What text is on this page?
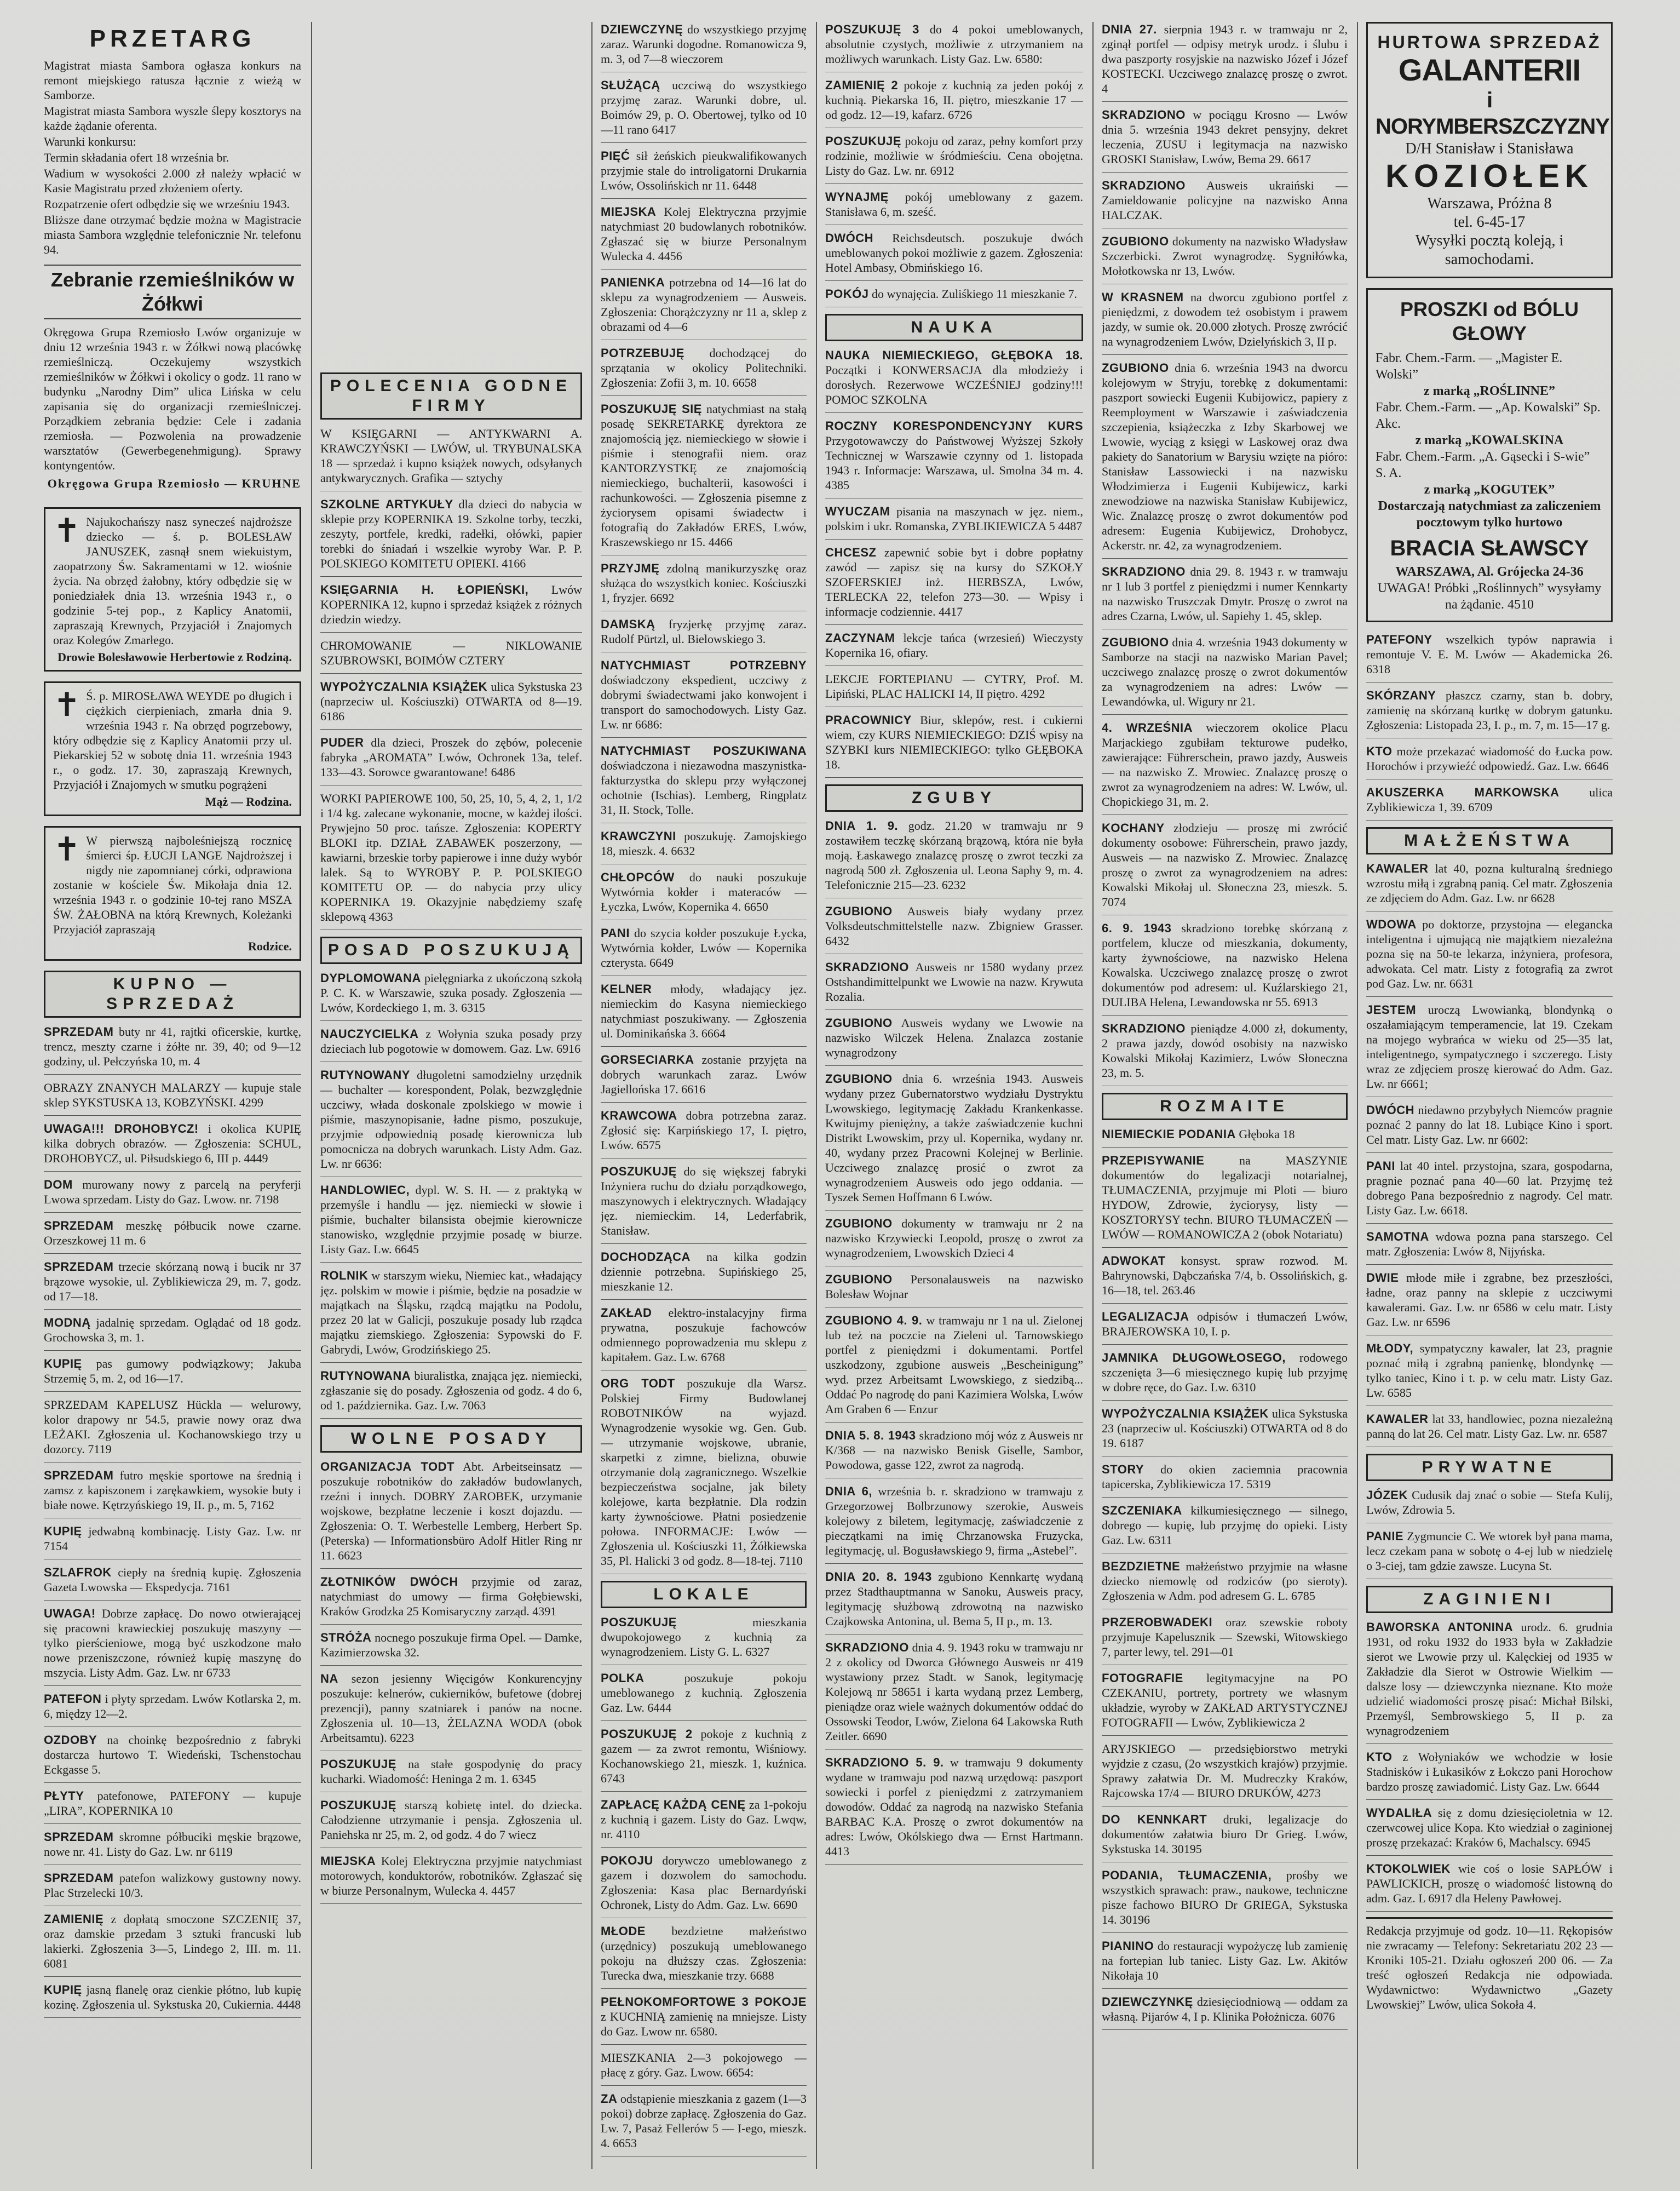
PRZETARG

Magistrat miasta Sambora ogłasza konkurs na remont miejskiego ratusza łącznie z wieżą w Samborze.

Magistrat miasta Sambora wyszle ślepy kosztorys na każde żądanie oferenta.

Warunki konkursu:

Termin składania ofert 18 września br.

Wadium w wysokości 2.000 zł należy wpłacić w Kasie Magistratu przed złożeniem oferty.

Rozpatrzenie ofert odbędzie się we wrześniu 1943.

Bliższe dane otrzymać będzie można w Magistracie miasta Sambora względnie telefonicznie Nr. telefonu 94.

Zebranie rzemieślników w Żółkwi

Okręgowa Grupa Rzemiosło Lwów organizuje w dniu 12 września 1943 r. w Żółkwi nową placówkę rzemieślniczą. Oczekujemy wszystkich rzemieślników w Żółkwi i okolicy o godz. 11 rano w budynku „Narodny Dim” ulica Lińska w celu zapisania się do organizacji rzemieślniczej. Porządkiem zebrania będzie: Cele i zadania rzemiosła. — Pozwolenia na prowadzenie warsztatów (Gewerbegenehmigung). Sprawy kontyngentów.

Okręgowa Grupa Rzemiosło — KRUHNE
✝ Najukochańszy nasz synecześ najdroższe dziecko — ś. p. BOLESŁAW JANUSZEK, zasnął snem wiekuistym, zaopatrzony Św. Sakramentami w 12. wiośnie życia. Na obrzęd żałobny, który odbędzie się w poniedziałek dnia 13. września 1943 r., o godzinie 5-tej pop., z Kaplicy Anatomii, zapraszają Krewnych, Przyjaciół i Znajomych oraz Kolegów Zmarłego.
Drowie Bolesławowie Herbertowie z Rodziną.
✝ Ś. p. MIROSŁAWA WEYDE po długich i ciężkich cierpieniach, zmarła dnia 9. września 1943 r. Na obrzęd pogrzebowy, który odbędzie się z Kaplicy Anatomii przy ul. Piekarskiej 52 w sobotę dnia 11. września 1943 r., o godz. 17. 30, zapraszają Krewnych, Przyjaciół i Znajomych w smutku pogrążeni
Mąż — Rodzina.
✝ W pierwszą najboleśniejszą rocznicę śmierci śp. ŁUCJI LANGE Najdroższej i nigdy nie zapomnianej córki, odprawiona zostanie w kościele Św. Mikołaja dnia 12. września 1943 r. o godzinie 10-tej rano MSZA ŚW. ŻAŁOBNA na którą Krewnych, Koleżanki Przyjaciół zapraszają
Rodzice.
KUPNO — SPRZEDAŻ

SPRZEDAM buty nr 41, rajtki oficerskie, kurtkę, trencz, meszty czarne i żółte nr. 39, 40; od 9—12 godziny, ul. Pełczyńska 10, m. 4

OBRAZY ZNANYCH MALARZY — kupuje stale sklep SYKSTUSKA 13, KOBZYŃSKI. 4299

UWAGA!!! DROHOBYCZ! i okolica KUPIĘ kilka dobrych obrazów. — Zgłoszenia: SCHUL, DROHOBYCZ, ul. Piłsudskiego 6, III p. 4449

DOM murowany nowy z parcelą na peryferji Lwowa sprzedam. Listy do Gaz. Lwow. nr. 7198

SPRZEDAM meszkę półbucik nowe czarne. Orzeszkowej 11 m. 6

SPRZEDAM trzecie skórzaną nową i bucik nr 37 brązowe wysokie, ul. Zyblikiewicza 29, m. 7, godz. od 17—18.

MODNĄ jadalnię sprzedam. Oglądać od 18 godz. Grochowska 3, m. 1.

KUPIĘ pas gumowy podwiązkowy; Jakuba Strzemię 5, m. 2, od 16—17.

SPRZEDAM KAPELUSZ Hückla — welurowy, kolor drapowy nr 54.5, prawie nowy oraz dwa LEŻAKI. Zgłoszenia ul. Kochanowskiego trzy u dozorcy. 7119

SPRZEDAM futro męskie sportowe na średnią i zamsz z kapiszonem i zarękawkiem, wysokie buty i białe nowe. Kętrzyńskiego 19, II. p., m. 5, 7162

KUPIĘ jedwabną kombinację. Listy Gaz. Lw. nr 7154

SZLAFROK ciepły na średnią kupię. Zgłoszenia Gazeta Lwowska — Ekspedycja. 7161

UWAGA! Dobrze zapłacę. Do nowo otwierającej się pracowni krawieckiej poszukuję maszyny — tylko pierścieniowe, mogą być uszkodzone mało nowe przeniszczone, również kupię maszynę do mszycia. Listy Adm. Gaz. Lw. nr 6733

PATEFON i płyty sprzedam. Lwów Kotlarska 2, m. 6, między 12—2.

OZDOBY na choinkę bezpośrednio z fabryki dostarcza hurtowo T. Wiedeński, Tschenstochau Eckgasse 5.

PŁYTY patefonowe, PATEFONY — kupuje „LIRA”, KOPERNIKA 10

SPRZEDAM skromne półbuciki męskie brązowe, nowe nr. 41. Listy do Gaz. Lw. nr 6119

SPRZEDAM patefon walizkowy gustowny nowy. Plac Strzelecki 10/3.

ZAMIENIĘ z dopłatą smoczone SZCZENIĘ 37, oraz damskie przedam 3 sztuki francuski lub lakierki. Zgłoszenia 3—5, Lindego 2, III. m. 11. 6081

KUPIĘ jasną flanelę oraz cienkie płótno, lub kupię kozinę. Zgłoszenia ul. Sykstuska 20, Cukiernia. 4448

POLECENIA GODNE FIRMY

W KSIĘGARNI — ANTYKWARNI A. KRAWCZYŃSKI — LWÓW, ul. TRYBUNALSKA 18 — sprzedaż i kupno książek nowych, odsyłanych antykwarycznych. Grafika — sztychy

SZKOLNE ARTYKUŁY dla dzieci do nabycia w sklepie przy KOPERNIKA 19. Szkolne torby, teczki, zeszyty, portfele, kredki, radełki, ołówki, papier torebki do śniadań i wszelkie wyroby War. P. P. POLSKIEGO KOMITETU OPIEKI. 4166

KSIĘGARNIA H. ŁOPIEŃSKI, Lwów KOPERNIKA 12, kupno i sprzedaż książek z różnych dziedzin wiedzy.

CHROMOWANIE — NIKLOWANIE SZUBROWSKI, BOIMÓW CZTERY

WYPOŻYCZALNIA KSIĄŻEK ulica Sykstuska 23 (naprzeciw ul. Kościuszki) OTWARTA od 8—19. 6186

PUDER dla dzieci, Proszek do zębów, polecenie fabryka „AROMATA” Lwów, Ochronek 13a, telef. 133—43. Sorowce gwarantowane! 6486

WORKI PAPIEROWE 100, 50, 25, 10, 5, 4, 2, 1, 1/2 i 1/4 kg. zalecane wykonanie, mocne, w każdej ilości. Prywjejno 50 proc. tańsze. Zgłoszenia: KOPERTY BLOKI itp. DZIAŁ ZABAWEK poszerzony, — kawiarni, brzeskie torby papierowe i inne duży wybór lalek. Są to WYROBY P. P. POLSKIEGO KOMITETU OP. — do nabycia przy ulicy KOPERNIKA 19. Okazyjnie nabędziemy szafę sklepową 4363

POSAD POSZUKUJĄ

DYPLOMOWANA pielęgniarka z ukończoną szkołą P. C. K. w Warszawie, szuka posady. Zgłoszenia — Lwów, Kordeckiego 1, m. 3. 6315

NAUCZYCIELKA z Wołynia szuka posady przy dzieciach lub pogotowie w domowem. Gaz. Lw. 6916

RUTYNOWANY długoletni samodzielny urzędnik — buchalter — korespondent, Polak, bezwzględnie uczciwy, włada doskonale zpolskiego w mowie i piśmie, maszynopisanie, ładne pismo, poszukuje, przyjmie odpowiednią posadę kierownicza lub pomocnicza na dobrych warunkach. Listy Adm. Gaz. Lw. nr 6636:

HANDLOWIEC, dypl. W. S. H. — z praktyką w przemyśle i handlu — jęz. niemiecki w słowie i piśmie, buchalter bilansista obejmie kierownicze stanowisko, względnie przyjmie posadę w biurze. Listy Gaz. Lw. 6645

ROLNIK w starszym wieku, Niemiec kat., władający jęz. polskim w mowie i piśmie, będzie na posadzie w majątkach na Śląsku, rządcą majątku na Podolu, przez 20 lat w Galicji, poszukuje posady lub rządca majątku ziemskiego. Zgłoszenia: Sypowski do F. Gabrydi, Lwów, Grodzińskiego 25.

RUTYNOWANA biuralistka, znająca jęz. niemiecki, zgłaszanie się do posady. Zgłoszenia od godz. 4 do 6, od 1. października. Gaz. Lw. 7063

WOLNE POSADY

ORGANIZACJA TODT Abt. Arbeitseinsatz — poszukuje robotników do zakładów budowlanych, rzeźni i innych. DOBRY ZAROBEK, urzymanie wojskowe, bezpłatne leczenie i koszt dojazdu. — Zgłoszenia: O. T. Werbestelle Lemberg, Herbert Sp. (Peterska) — Informationsbüro Adolf Hitler Ring nr 11. 6623

ZŁOTNIKÓW DWÓCH przyjmie od zaraz, natychmiast do umowy — firma Gołębiewski, Kraków Grodzka 25 Komisaryczny zarząd. 4391

STRÓŻA nocnego poszukuje firma Opel. — Damke, Kazimierzowska 32.

NA sezon jesienny Więcigów Konkurencyjny poszukuje: kelnerów, cukierników, bufetowe (dobrej prezencji), panny szatniarek i panów na nocne. Zgłoszenia ul. 10—13, ŻELAZNA WODA (obok Arbeitsamtu). 6223

POSZUKUJĘ na stałe gospodynię do pracy kucharki. Wiadomość: Heninga 2 m. 1. 6345

POSZUKUJĘ starszą kobietę intel. do dziecka. Całodzienne utrzymanie i pensja. Zgłoszenia ul. Paniehska nr 25, m. 2, od godz. 4 do 7 wiecz

MIEJSKA Kolej Elektryczna przyjmie natychmiast motorowych, konduktorów, robotników. Zgłaszać się w biurze Personalnym, Wulecka 4. 4457

DZIEWCZYNĘ do wszystkiego przyjmę zaraz. Warunki dogodne. Romanowicza 9, m. 3, od 7—8 wieczorem

SŁUŻĄCĄ uczciwą do wszystkiego przyjmę zaraz. Warunki dobre, ul. Boimów 29, p. O. Obertowej, tylko od 10—11 rano 6417

PIĘĆ sił żeńskich pieukwalifikowanych przyjmie stale do introligatorni Drukarnia Lwów, Ossolińskich nr 11. 6448

MIEJSKA Kolej Elektryczna przyjmie natychmiast 20 budowlanych robotników. Zgłaszać się w biurze Personalnym Wulecka 4. 4456

PANIENKA potrzebna od 14—16 lat do sklepu za wynagrodzeniem — Ausweis. Zgłoszenia: Chorążczyzny nr 11 a, sklep z obrazami od 4—6

POTRZEBUJĘ dochodzącej do sprzątania w okolicy Politechniki. Zgłoszenia: Zofii 3, m. 10. 6658

POSZUKUJĘ SIĘ natychmiast na stałą posadę SEKRETARKĘ dyrektora ze znajomością jęz. niemieckiego w słowie i piśmie i stenografii niem. oraz KANTORZYSTKĘ ze znajomością niemieckiego, buchalterii, kasowości i rachunkowości. — Zgłoszenia pisemne z życiorysem opisami świadectw i fotografią do Zakładów ERES, Lwów, Kraszewskiego nr 15. 4466

PRZYJMĘ zdolną manikurzyszkę oraz służąca do wszystkich koniec. Kościuszki 1, fryzjer. 6692

DAMSKĄ fryzjerkę przyjmę zaraz. Rudolf Pürtzl, ul. Bielowskiego 3.

NATYCHMIAST POTRZEBNY doświadczony ekspedient, uczciwy z dobrymi świadectwami jako konwojent i transport do samochodowych. Listy Gaz. Lw. nr 6686:

NATYCHMIAST POSZUKIWANA doświadczona i niezawodna maszynistka-fakturzystka do sklepu przy wyłączonej ochotnie (Ischias). Lemberg, Ringplatz 31, II. Stock, Tolle.

KRAWCZYNI poszukuję. Zamojskiego 18, mieszk. 4. 6632

CHŁOPCÓW do nauki poszukuje Wytwórnia kołder i materaców — Łyczka, Lwów, Kopernika 4. 6650

PANI do szycia kołder poszukuje Łycka, Wytwórnia kołder, Lwów — Kopernika czterysta. 6649

KELNER młody, władający jęz. niemieckim do Kasyna niemieckiego natychmiast poszukiwany. — Zgłoszenia ul. Dominikańska 3. 6664

GORSECIARKA zostanie przyjęta na dobrych warunkach zaraz. Lwów Jagiellońska 17. 6616

KRAWCOWA dobra potrzebna zaraz. Zgłosić się: Karpińskiego 17, I. piętro, Lwów. 6575

POSZUKUJĘ do się większej fabryki Inżyniera ruchu do działu porządkowego, maszynowych i elektrycznych. Władający jęz. niemieckim. 14, Lederfabrik, Stanisław.

DOCHODZĄCA na kilka godzin dziennie potrzebna. Supińskiego 25, mieszkanie 12.

ZAKŁAD elektro-instalacyjny firma prywatna, poszukuje fachowców odmiennego poprowadzenia mu sklepu z kapitałem. Gaz. Lw. 6768

ORG TODT poszukuje dla Warsz. Polskiej Firmy Budowlanej ROBOTNIKÓW na wyjazd. Wynagrodzenie wysokie wg. Gen. Gub. — utrzymanie wojskowe, ubranie, skarpetki z zimne, bielizna, obuwie otrzymanie dolą zagranicznego. Wszelkie bezpieczeństwa socjalne, jak bilety kolejowe, karta bezpłatnie. Dla rodzin karty żywnościowe. Płatni posiedzenie połowa. INFORMACJE: Lwów — Zgłoszenia ul. Kościuszki 11, Żółkiewska 35, Pl. Halicki 3 od godz. 8—18-tej. 7110

LOKALE

POSZUKUJĘ mieszkania dwupokojowego z kuchnią za wynagrodzeniem. Listy G. L. 6327

POLKA poszukuje pokoju umeblowanego z kuchnią. Zgłoszenia Gaz. Lw. 6444

POSZUKUJĘ 2 pokoje z kuchnią z gazem — za zwrot remontu, Wiśniowy. Kochanowskiego 21, mieszk. 1, kuźnica. 6743

ZAPŁACĘ KAŻDĄ CENĘ za 1-pokoju z kuchnią i gazem. Listy do Gaz. Lwqw, nr. 4110

POKOJU dorywczo umeblowanego z gazem i dozwolem do samochodu. Zgłoszenia: Kasa plac Bernardyński Ochronek, Listy do Adm. Gaz. Lw. 6690

MŁODE bezdzietne małżeństwo (urzędnicy) poszukują umeblowanego pokoju na dłuższy czas. Zgłoszenia: Turecka dwa, mieszkanie trzy. 6688

PEŁNOKOMFORTOWE 3 POKOJE z KUCHNIĄ zamienię na mniejsze. Listy do Gaz. Lwow nr. 6580.

MIESZKANIA 2—3 pokojowego — płacę z góry. Gaz. Lwow. 6654:

ZA odstąpienie mieszkania z gazem (1—3 pokoi) dobrze zapłacę. Zgłoszenia do Gaz. Lw. 7, Pasaż Fellerów 5 — I-ego, mieszk. 4. 6653

POSZUKUJĘ 3 do 4 pokoi umeblowanych, absolutnie czystych, możliwie z utrzymaniem na możliwych warunkach. Listy Gaz. Lw. 6580:

ZAMIENIĘ 2 pokoje z kuchnią za jeden pokój z kuchnią. Piekarska 16, II. piętro, mieszkanie 17 — od godz. 12—19, kafarz. 6726

POSZUKUJĘ pokoju od zaraz, pełny komfort przy rodzinie, możliwie w śródmieściu. Cena obojętna. Listy do Gaz. Lw. nr. 6912

WYNAJMĘ pokój umeblowany z gazem. Stanisława 6, m. sześć.

DWÓCH Reichsdeutsch. poszukuje dwóch umeblowanych pokoi możliwie z gazem. Zgłoszenia: Hotel Ambasy, Obmińskiego 16.

POKÓJ do wynajęcia. Zuliśkiego 11 mieszkanie 7.

NAUKA

NAUKA NIEMIECKIEGO, GŁĘBOKA 18. Początki i KONWERSACJA dla młodzieży i dorosłych. Rezerwowe WCZEŚNIEJ godziny!!! POMOC SZKOLNA

ROCZNY KORESPONDENCYJNY KURS Przygotowawczy do Państwowej Wyższej Szkoły Technicznej w Warszawie czynny od 1. listopada 1943 r. Informacje: Warszawa, ul. Smolna 34 m. 4. 4385

WYUCZAM pisania na maszynach w jęz. niem., polskim i ukr. Romanska, ZYBLIKIEWICZA 5 4487

CHCESZ zapewnić sobie byt i dobre popłatny zawód — zapisz się na kursy do SZKOŁY SZOFERSKIEJ inż. HERBSZA, Lwów, TERLECKA 22, telefon 273—30. — Wpisy i informacje codziennie. 4417

ZACZYNAM lekcje tańca (wrzesień) Wieczysty Kopernika 16, ofiary.

LEKCJE FORTEPIANU — CYTRY, Prof. M. Lipiński, PLAC HALICKI 14, II piętro. 4292

PRACOWNICY Biur, sklepów, rest. i cukierni wiem, czy KURS NIEMIECKIEGO: DZIŚ wpisy na SZYBKI kurs NIEMIECKIEGO: tylko GŁĘBOKA 18.

ZGUBY

DNIA 1. 9. godz. 21.20 w tramwaju nr 9 zostawiłem teczkę skórzaną brązową, która nie była moją. Łaskawego znalazcę proszę o zwrot teczki za nagrodą 500 zł. Zgłoszenia ul. Leona Saphy 9, m. 4. Telefonicznie 215—23. 6232

ZGUBIONO Ausweis biały wydany przez Volksdeutschmittelstelle nazw. Zbigniew Grasser. 6432

SKRADZIONO Ausweis nr 1580 wydany przez Ostshandimittelpunkt we Lwowie na nazw. Krywuta Rozalia.

ZGUBIONO Ausweis wydany we Lwowie na nazwisko Wilczek Helena. Znalazca zostanie wynagrodzony

ZGUBIONO dnia 6. września 1943. Ausweis wydany przez Gubernatorstwo wydziału Dystryktu Lwowskiego, legitymację Zakładu Krankenkasse. Kwitujmy pieniężny, a także zaświadczenie kuchni Distrikt Lwowskim, przy ul. Kopernika, wydany nr. 40, wydany przez Pracowni Kolejnej w Berlinie. Uczciwego znalazcę prosić o zwrot za wynagrodzeniem Ausweis odo jego oddania. — Tyszek Semen Hoffmann 6 Lwów.

ZGUBIONO dokumenty w tramwaju nr 2 na nazwisko Krzywiecki Leopold, proszę o zwrot za wynagrodzeniem, Lwowskich Dzieci 4

ZGUBIONO Personalausweis na nazwisko Bolesław Wojnar

ZGUBIONO 4. 9. w tramwaju nr 1 na ul. Zielonej lub też na poczcie na Zieleni ul. Tarnowskiego portfel z pieniędzmi i dokumentami. Portfel uszkodzony, zgubione ausweis „Bescheinigung” wyd. przez Arbeitsamt Lwowskiego, z siedzibą... Oddać Po nagrodę do pani Kazimiera Wolska, Lwów Am Graben 6 — Enzur

DNIA 5. 8. 1943 skradziono mój wóz z Ausweis nr K/368 — na nazwisko Benisk Giselle, Sambor, Powodowa, gasse 122, zwrot za nagrodą.

DNIA 6, września b. r. skradziono w tramwaju z Grzegorzowej Bolbrzunowy szerokie, Ausweis kolejowy z biletem, legitymację, zaświadczenie z pieczątkami na imię Chrzanowska Fruzycka, legitymację, ul. Bogusławskiego 9, firma „Astebel”.

DNIA 20. 8. 1943 zgubiono Kennkartę wydaną przez Stadthauptmanna w Sanoku, Ausweis pracy, legitymację służbową zdrowotną na nazwisko Czajkowska Antonina, ul. Bema 5, II p., m. 13.

SKRADZIONO dnia 4. 9. 1943 roku w tramwaju nr 2 z okolicy od Dworca Głównego Ausweis nr 419 wystawiony przez Stadt. w Sanok, legitymację Kolejową nr 58651 i karta wydaną przez Lemberg, pieniądze oraz wiele ważnych dokumentów oddać do Ossowski Teodor, Lwów, Zielona 64 Lakowska Ruth Zeitler. 6690

SKRADZIONO 5. 9. w tramwaju 9 dokumenty wydane w tramwaju pod nazwą urzędową: paszport sowiecki i porfel z pieniędzmi z zatrzymaniem dowodów. Oddać za nagrodą na nazwisko Stefania BARBAC K.A. Proszę o zwrot dokumentów na adres: Lwów, Okólskiego dwa — Ernst Hartmann. 4413

DNIA 27. sierpnia 1943 r. w tramwaju nr 2, zginął portfel — odpisy metryk urodz. i ślubu i dwa paszporty rosyjskie na nazwisko Józef i Józef KOSTECKI. Uczciwego znalazcę proszę o zwrot. 4

SKRADZIONO w pociągu Krosno — Lwów dnia 5. września 1943 dekret pensyjny, dekret leczenia, ZUSU i legitymacja na nazwisko GROSKI Stanisław, Lwów, Bema 29. 6617

SKRADZIONO Ausweis ukraiński — Zamieldowanie policyjne na nazwisko Anna HALCZAK.

ZGUBIONO dokumenty na nazwisko Władysław Szczerbicki. Zwrot wynagrodzę. Sygniłówka, Mołotkowska nr 13, Lwów.

W KRASNEM na dworcu zgubiono portfel z pieniędzmi, z dowodem też osobistym i prawem jazdy, w sumie ok. 20.000 złotych. Proszę zwrócić na wynagrodzeniem Lwów, Dzielyńskich 3, II p.

ZGUBIONO dnia 6. września 1943 na dworcu kolejowym w Stryju, torebkę z dokumentami: paszport sowiecki Eugenii Kubijowicz, papiery z Reemployment w Warszawie i zaświadczenia szczepienia, książeczka z Izby Skarbowej we Lwowie, wyciąg z księgi w Laskowej oraz dwa pakiety do Sanatorium w Barysiu wzięte na pióro: Stanisław Lassowiecki i na nazwisku Włodzimierza i Eugenii Kubijewicz, karki znewodziowe na nazwiska Stanisław Kubijewicz, Wic. Znalazcę proszę o zwrot dokumentów pod adresem: Eugenia Kubijewicz, Drohobycz, Ackerstr. nr. 42, za wynagrodzeniem.

SKRADZIONO dnia 29. 8. 1943 r. w tramwaju nr 1 lub 3 portfel z pieniędzmi i numer Kennkarty na nazwisko Truszczak Dmytr. Proszę o zwrot na adres Czarna, Lwów, ul. Sapiehy 1. 45, sklep.

ZGUBIONO dnia 4. września 1943 dokumenty w Samborze na stacji na nazwisko Marian Pavel; uczciwego znalazcę proszę o zwrot dokumentów za wynagrodzeniem na adres: Lwów — Lewandówka, ul. Wigury nr 21.

4. WRZEŚNIA wieczorem okolice Placu Marjackiego zgubiłam tekturowe pudełko, zawierające: Führerschein, prawo jazdy, Ausweis — na nazwisko Z. Mrowiec. Znalazcę proszę o zwrot za wynagrodzeniem na adres: W. Lwów, ul. Chopickiego 31, m. 2.

KOCHANY złodzieju — proszę mi zwrócić dokumenty osobowe: Führerschein, prawo jazdy, Ausweis — na nazwisko Z. Mrowiec. Znalazcę proszę o zwrot za wynagrodzeniem na adres: Kowalski Mikołaj ul. Słoneczna 23, mieszk. 5. 7074

6. 9. 1943 skradziono torebkę skórzaną z portfelem, klucze od mieszkania, dokumenty, karty żywnościowe, na nazwisko Helena Kowalska. Uczciwego znalazcę proszę o zwrot dokumentów pod adresem: ul. Kuźlarskiego 21, DULIBA Helena, Lewandowska nr 55. 6913

SKRADZIONO pieniądze 4.000 zł, dokumenty, 2 prawa jazdy, dowód osobisty na nazwisko Kowalski Mikołaj Kazimierz, Lwów Słoneczna 23, m. 5.

ROZMAITE

NIEMIECKIE PODANIA Głęboka 18

PRZEPISYWANIE na MASZYNIE dokumentów do legalizacji notarialnej, TŁUMACZENIA, przyjmuje mi Ploti — biuro HYDOW, Zdrowie, życiorysy, listy — KOSZTORYSY techn. BIURO TŁUMACZEŃ — LWÓW — ROMANOWICZA 2 (obok Notariatu)

ADWOKAT konsyst. spraw rozwod. M. Bahrynowski, Dąbczańska 7/4, b. Ossolińskich, g. 16—18, tel. 263.46

LEGALIZACJA odpisów i tłumaczeń Lwów, BRAJEROWSKA 10, I. p.

JAMNIKA DŁUGOWŁOSEGO, rodowego szczenięta 3—6 miesięcznego kupię lub przyjmę w dobre ręce, do Gaz. Lw. 6310

WYPOŻYCZALNIA KSIĄŻEK ulica Sykstuska 23 (naprzeciw ul. Kościuszki) OTWARTA od 8 do 19. 6187

STORY do okien zaciemnia pracownia tapicerska, Zyblikiewicza 17. 5319

SZCZENIAKA kilkumiesięcznego — silnego, dobrego — kupię, lub przyjmę do opieki. Listy Gaz. Lw. 6311

BEZDZIETNE małżeństwo przyjmie na własne dziecko niemowlę od rodziców (po sieroty). Zgłoszenia w Adm. pod adresem G. L. 6785

PRZEROBWADEKI oraz szewskie roboty przyjmuje Kapelusznik — Szewski, Witowskiego 7, parter lewy, tel. 291—01

FOTOGRAFIE legitymacyjne na PO CZEKANIU, portrety, portrety we własnym układzie, wyroby w ZAKŁAD ARTYSTYCZNEJ FOTOGRAFII — Lwów, Zyblikiewicza 2

ARYJSKIEGO — przedsiębiorstwo metryki wyjdzie z czasu, (2o wszystkich krajów) przyjmie. Sprawy załatwia Dr. M. Mudreczky Kraków, Rajcowska 17/4 — BIURO DRUKÓW, 4273

DO KENNKART druki, legalizacje do dokumentów załatwia biuro Dr Grieg. Lwów, Sykstuska 14. 30195

PODANIA, TŁUMACZENIA, prośby we wszystkich sprawach: praw., naukowe, techniczne pisze fachowo BIURO Dr GRIEGA, Sykstuska 14. 30196

PIANINO do restauracji wypożyczę lub zamienię na fortepian lub taniec. Listy Gaz. Lw. Akitów Nikołaja 10

DZIEWCZYNKĘ dziesięciodniową — oddam za własną. Pijarów 4, I p. Klinika Położnicza. 6076

HURTOWA SPRZEDAŻ
GALANTERII
i NORYMBERSZCZYZNY
D/H Stanisław i Stanisława
KOZIOŁEK
Warszawa, Próżna 8
tel. 6-45-17
Wysyłki pocztą koleją, i samochodami.
PROSZKI od BÓLU GŁOWY
Fabr. Chem.-Farm. — „Magister E. Wolski”
z marką „ROŚLINNE”
Fabr. Chem.-Farm. — „Ap. Kowalski” Sp. Akc.
z marką „KOWALSKINA
Fabr. Chem.-Farm. „A. Gąsecki i S-wie” S. A.
z marką „KOGUTEK”
Dostarczają natychmiast za zaliczeniem pocztowym tylko hurtowo
BRACIA SŁAWSCY
WARSZAWA, Al. Grójecka 24-36
UWAGA! Próbki „Roślinnych” wysyłamy na żądanie. 4510

PATEFONY wszelkich typów naprawia i remontuje V. E. M. Lwów — Akademicka 26. 6318

SKÓRZANY płaszcz czarny, stan b. dobry, zamienię na skórzaną kurtkę w dobrym gatunku. Zgłoszenia: Listopada 23, I. p., m. 7, m. 15—17 g.

KTO może przekazać wiadomość do Łucka pow. Horochów i przywieźć odpowiedź. Gaz. Lw. 6646

AKUSZERKA MARKOWSKA ulica Zyblikiewicza 1, 39. 6709

MAŁŻEŃSTWA

KAWALER lat 40, pozna kulturalną średniego wzrostu miłą i zgrabną panią. Cel matr. Zgłoszenia ze zdjęciem do Adm. Gaz. Lw. nr 6628

WDOWA po doktorze, przystojna — elegancka inteligentna i ujmującą nie majątkiem niezależna pozna się na 50-te lekarza, inżyniera, profesora, adwokata. Cel matr. Listy z fotografią za zwrot pod Gaz. Lw. nr. 6631

JESTEM uroczą Lwowianką, blondynką o oszałamiającym temperamencie, lat 19. Czekam na mojego wybrańca w wieku od 25—35 lat, inteligentnego, sympatycznego i szczerego. Listy wraz ze zdjęciem proszę kierować do Adm. Gaz. Lw. nr 6661;

DWÓCH niedawno przybyłych Niemców pragnie poznać 2 panny do lat 18. Lubiące Kino i sport. Cel matr. Listy Gaz. Lw. nr 6602:

PANI lat 40 intel. przystojna, szara, gospodarna, pragnie poznać pana 40—60 lat. Przyjmę też dobrego Pana bezpośrednio z nagrody. Cel matr. Listy Gaz. Lw. 6618.

SAMOTNA wdowa pozna pana starszego. Cel matr. Zgłoszenia: Lwów 8, Nijyńska.

DWIE młode miłe i zgrabne, bez przeszłości, ładne, oraz panny na sklepie z uczciwymi kawalerami. Gaz. Lw. nr 6586 w celu matr. Listy Gaz. Lw. nr 6596

MŁODY, sympatyczny kawaler, lat 23, pragnie poznać miłą i zgrabną panienkę, blondynkę — tylko taniec, Kino i t. p. w celu matr. Listy Gaz. Lw. 6585

KAWALER lat 33, handlowiec, pozna niezależną panną do lat 26. Cel matr. Listy Gaz. Lw. nr. 6587

PRYWATNE

JÓZEK Cudusik daj znać o sobie — Stefa Kulij, Lwów, Zdrowia 5.

PANIE Zygmuncie C. We wtorek był pana mama, lecz czekam pana w sobotę o 4-ej lub w niedzielę o 3-ciej, tam gdzie zawsze. Lucyna St.

ZAGINIENI

BAWORSKA ANTONINA urodz. 6. grudnia 1931, od roku 1932 do 1933 była w Zakładzie sierot we Lwowie przy ul. Kalęckiej od 1935 w Zakładzie dla Sierot w Ostrowie Wielkim — dalsze losy — dziewczynka nieznane. Kto może udzielić wiadomości proszę pisać: Michał Bilski, Przemyśl, Sembrowskiego 5, II p. za wynagrodzeniem

KTO z Wołyniaków we wchodzie w łosie Stadnisków i Łukasików z Łokczo pani Horochow bardzo proszę zawiadomić. Listy Gaz. Lw. 6644

WYDALIŁA się z domu dziesięcioletnia w 12. czerwcowej ulice Kopa. Kto wiedział o zaginionej proszę przekazać: Kraków 6, Machalscy. 6945

KTOKOLWIEK wie coś o losie SAPŁÓW i PAWLICKICH, proszę o wiadomość listowną do adm. Gaz. L 6917 dla Heleny Pawłowej.

Redakcja przyjmuje od godz. 10—11. Rękopisów nie zwracamy — Telefony: Sekretariatu 202 23 — Kroniki 105-21. Działu ogłoszeń 200 06. — Za treść ogłoszeń Redakcja nie odpowiada. Wydawnictwo: Wydawnictwo „Gazety Lwowskiej” Lwów, ulica Sokoła 4.
